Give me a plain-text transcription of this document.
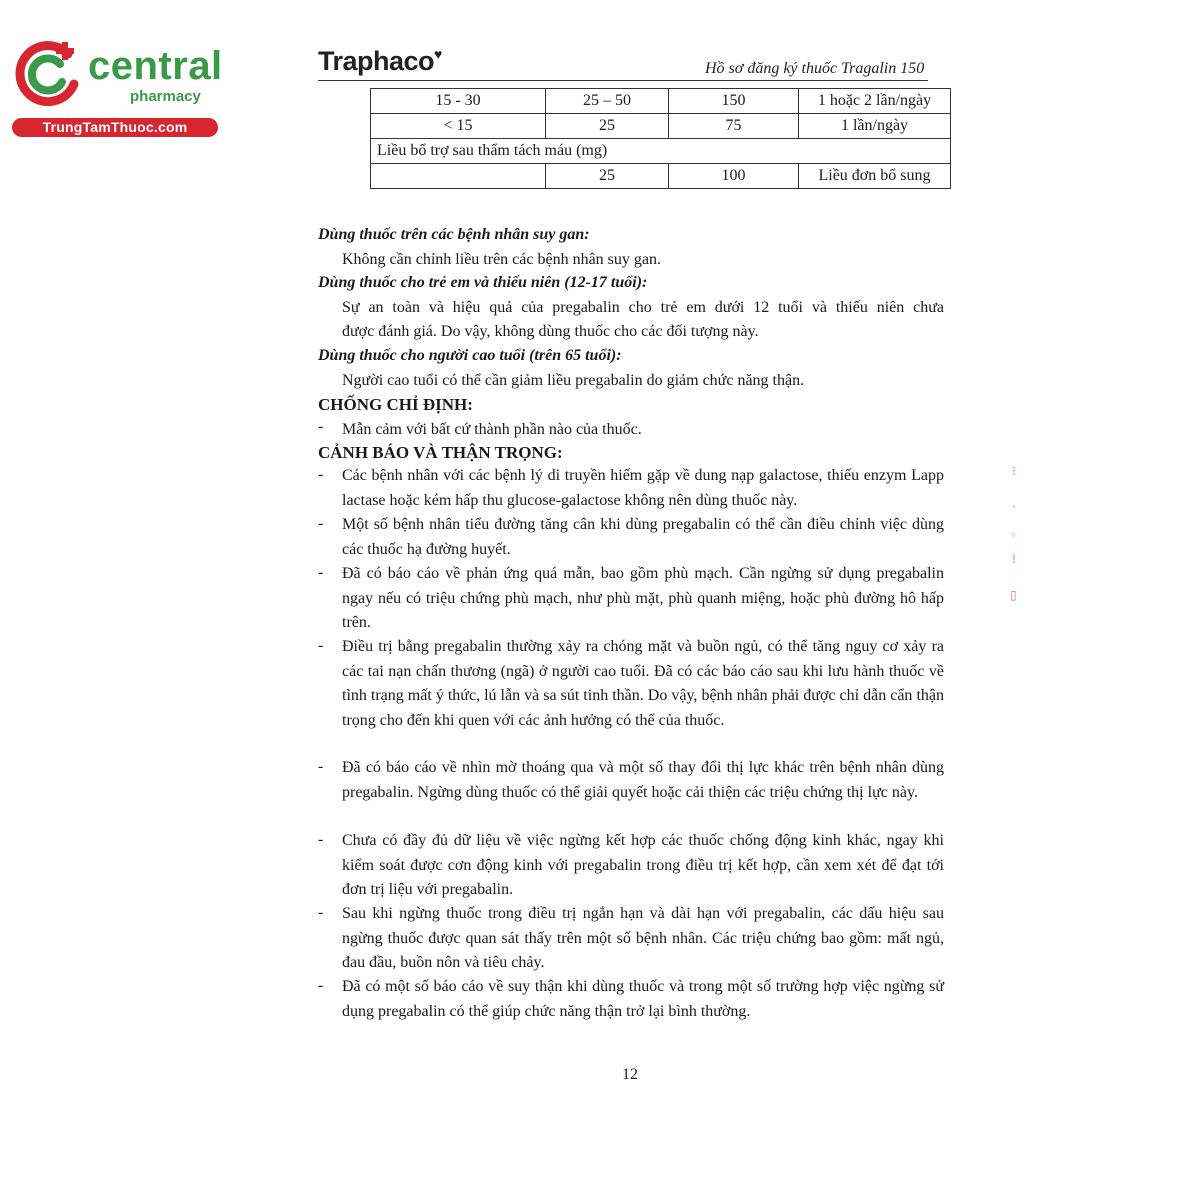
central
pharmacy
TrungTamThuoc.com
Traphaco♥
Hồ sơ đăng ký thuốc Tragalin 150
15 - 30	25 – 50	150	1 hoặc 2 lần/ngày
< 15	25	75	1 lần/ngày
Liều bổ trợ sau thẩm tách máu (mg)			
	25	100	Liều đơn bổ sung
Dùng thuốc trên các bệnh nhân suy gan:
Không cần chỉnh liều trên các bệnh nhân suy gan.
Dùng thuốc cho trẻ em và thiếu niên (12-17 tuổi):
Sự an toàn và hiệu quả của pregabalin cho trẻ em dưới 12 tuổi và thiếu niên chưa
được đánh giá. Do vậy, không dùng thuốc cho các đối tượng này.
Dùng thuốc cho người cao tuổi (trên 65 tuổi):
Người cao tuổi có thể cần giảm liều pregabalin do giảm chức năng thận.
CHỐNG CHỈ ĐỊNH:
- Mẫn cảm với bất cứ thành phần nào của thuốc.
CẢNH BÁO VÀ THẬN TRỌNG:
- Các bệnh nhân với các bệnh lý di truyền hiếm gặp về dung nạp galactose, thiếu enzym Lapp lactase hoặc kém hấp thu glucose-galactose không nên dùng thuốc này.
- Một số bệnh nhân tiểu đường tăng cân khi dùng pregabalin có thể cần điều chỉnh việc dùng các thuốc hạ đường huyết.
- Đã có báo cáo về phản ứng quá mẫn, bao gồm phù mạch. Cần ngừng sử dụng pregabalin ngay nếu có triệu chứng phù mạch, như phù mặt, phù quanh miệng, hoặc phù đường hô hấp trên.
- Điều trị bằng pregabalin thường xảy ra chóng mặt và buồn ngủ, có thể tăng nguy cơ xảy ra các tai nạn chấn thương (ngã) ở người cao tuổi. Đã có các báo cáo sau khi lưu hành thuốc về tình trạng mất ý thức, lú lẫn và sa sút tinh thần. Do vậy, bệnh nhân phải được chỉ dẫn cẩn thận trọng cho đến khi quen với các ảnh hưởng có thể của thuốc.
- Đã có báo cáo về nhìn mờ thoáng qua và một số thay đổi thị lực khác trên bệnh nhân dùng pregabalin. Ngừng dùng thuốc có thể giải quyết hoặc cải thiện các triệu chứng thị lực này.
- Chưa có đầy đủ dữ liệu về việc ngừng kết hợp các thuốc chống động kinh khác, ngay khi kiểm soát được cơn động kinh với pregabalin trong điều trị kết hợp, cần xem xét để đạt tới đơn trị liệu với pregabalin.
- Sau khi ngừng thuốc trong điều trị ngắn hạn và dài hạn với pregabalin, các dấu hiệu sau ngừng thuốc được quan sát thấy trên một số bệnh nhân. Các triệu chứng bao gồm: mất ngủ, đau đầu, buồn nôn và tiêu chảy.
- Đã có một số báo cáo về suy thận khi dùng thuốc và trong một số trường hợp việc ngừng sử dụng pregabalin có thể giúp chức năng thận trở lại bình thường.
12
⁝
·
◦
⁞
▯
